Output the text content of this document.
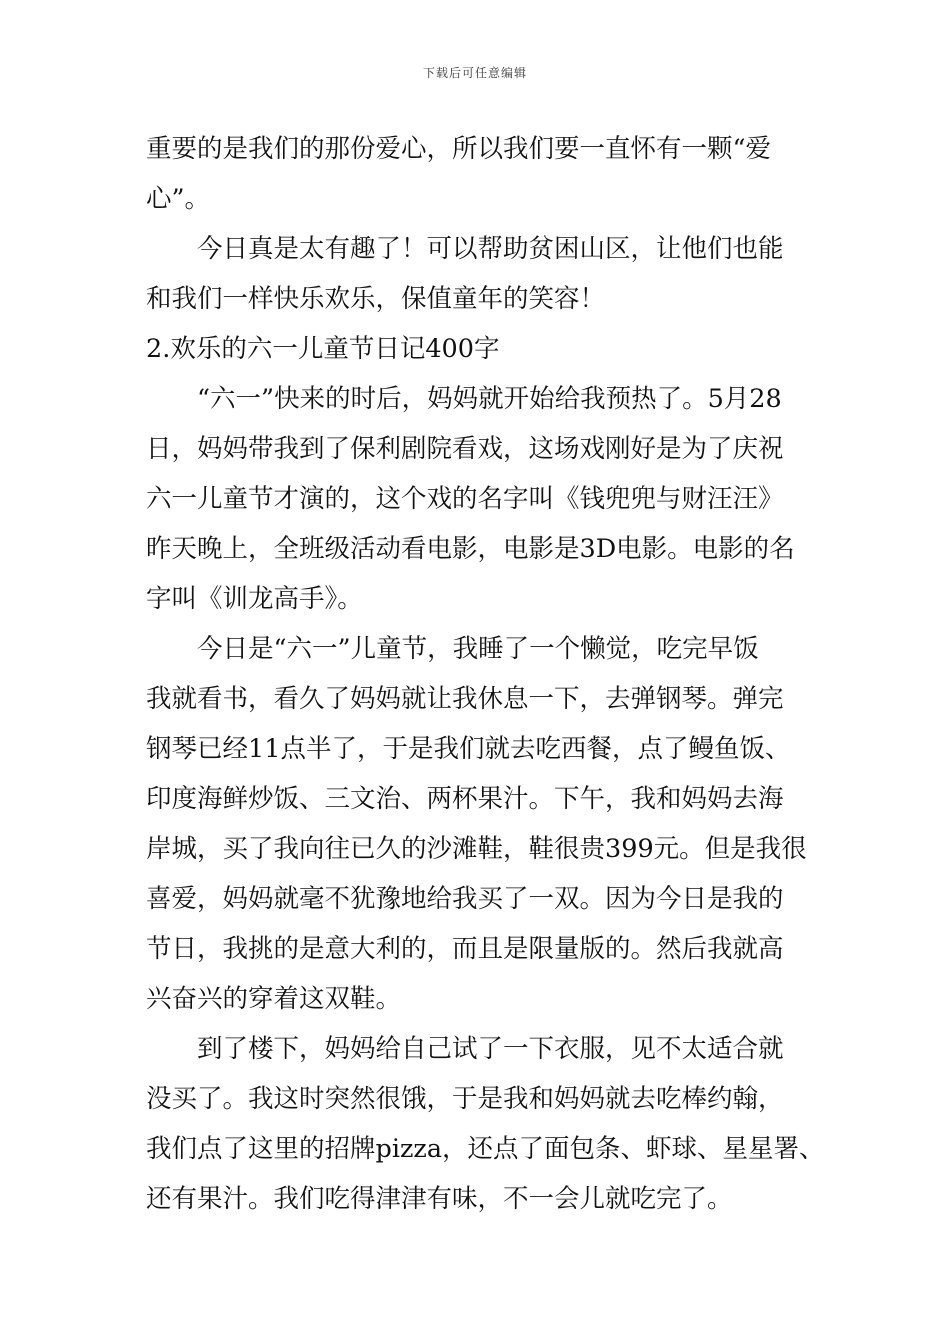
下载后可任意编辑

重要的是我们的那份爱心，所以我们要一直怀有一颗“爱

心”。

今日真是太有趣了！可以帮助贫困山区，让他们也能

和我们一样快乐欢乐，保值童年的笑容！

2.欢乐的六一儿童节日记400字

“六一”快来的时后，妈妈就开始给我预热了。5月28

日，妈妈带我到了保利剧院看戏，这场戏刚好是为了庆祝

六一儿童节才演的，这个戏的名字叫《钱兜兜与财汪汪》

昨天晚上，全班级活动看电影，电影是3D电影。电影的名

字叫《训龙高手》。

今日是“六一”儿童节，我睡了一个懒觉，吃完早饭

我就看书，看久了妈妈就让我休息一下，去弹钢琴。弹完

钢琴已经11点半了，于是我们就去吃西餐，点了鳗鱼饭、

印度海鲜炒饭、三文治、两杯果汁。下午，我和妈妈去海

岸城，买了我向往已久的沙滩鞋，鞋很贵399元。但是我很

喜爱，妈妈就毫不犹豫地给我买了一双。因为今日是我的

节日，我挑的是意大利的，而且是限量版的。然后我就高

兴奋兴的穿着这双鞋。

到了楼下，妈妈给自己试了一下衣服，见不太适合就

没买了。我这时突然很饿，于是我和妈妈就去吃棒约翰，

我们点了这里的招牌pizza，还点了面包条、虾球、星星署、

还有果汁。我们吃得津津有味，不一会儿就吃完了。
